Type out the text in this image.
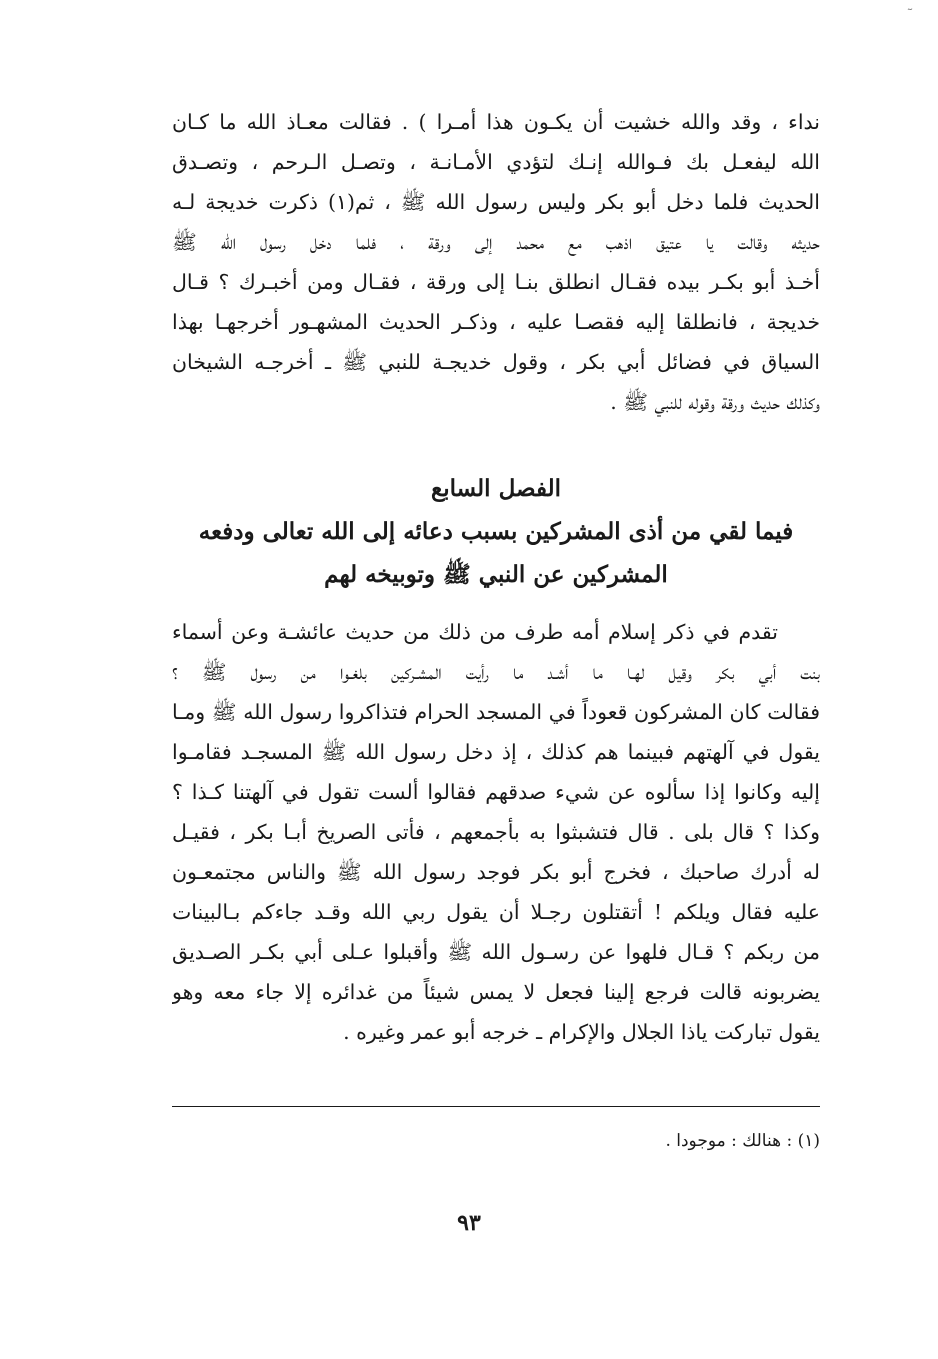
نداء ، وقد والله خشيت أن يكـون هذا أمـرا ) . فقالت معـاذ الله ما كـان
الله ليفعـل بك فـوالله إنـك لتؤدي الأمـانـة ، وتصـل الـرحم ، وتصـدق
الحديث فلما دخل أبو بكر وليس رسول الله ﷺ ، ثم(١) ذكرت خديجة لـه
حديثه وقالت يا عتيق اذهب مع محمد إلى ورقة ، فلما دخل رسول الله ﷺ
أخـذ أبو بكـر بيده فقـال انطلق بنـا إلى ورقة ، فقـال ومن أخبـرك ؟ قـال
خديجة ، فانطلقا إليه فقصـا عليه ، وذكـر الحديث المشهـور أخرجهـا بهذا
السياق في فضائل أبي بكر ، وقول خديجـة للنبي ﷺ ـ أخرجـه الشيخان
وكذلك حديث ورقة وقوله للنبي ﷺ .
الفصل السابع
فيما لقي من أذى المشركين بسبب دعائه إلى الله تعالى ودفعه
المشركين عن النبي ﷺ وتوبيخه لهم
تقدم في ذكر إسلام أمه طرف من ذلك من حديث عائشـة وعن أسماء
بنت أبي بكر وقيل لهـا ما أشـد ما رأيت المشـركين بلغـوا من رسول ﷺ ؟
فقالت كان المشركون قعوداً في المسجد الحرام فتذاكروا رسول الله ﷺ ومـا
يقول في آلهتهم فبينما هم كذلك ، إذ دخل رسول الله ﷺ المسجـد فقامـوا
إليه وكانوا إذا سألوه عن شيء صدقهم فقالوا ألست تقول في آلهتنا كـذا ؟
وكذا ؟ قال بلى . قال فتشبثوا به بأجمعهم ، فأتى الصريخ أبـا بكر ، فقيـل
له أدرك صاحبك ، فخرج أبو بكر فوجد رسول الله ﷺ والناس مجتمعـون
عليه فقال ويلكم ! أتقتلون رجـلا أن يقول ربي الله وقـد جاءكم بـالبينات
من ربكم ؟ قـال فلهوا عن رسـول الله ﷺ وأقبلوا عـلى أبي بكـر الصـديق
يضربونه قالت فرجع إلينا فجعل لا يمس شيئاً من غدائره إلا جاء معه وهو
يقول تباركت ياذا الجلال والإكرام ـ خرجه أبو عمر وغيره .
(١) : هنالك : موجودا .
٩٣
